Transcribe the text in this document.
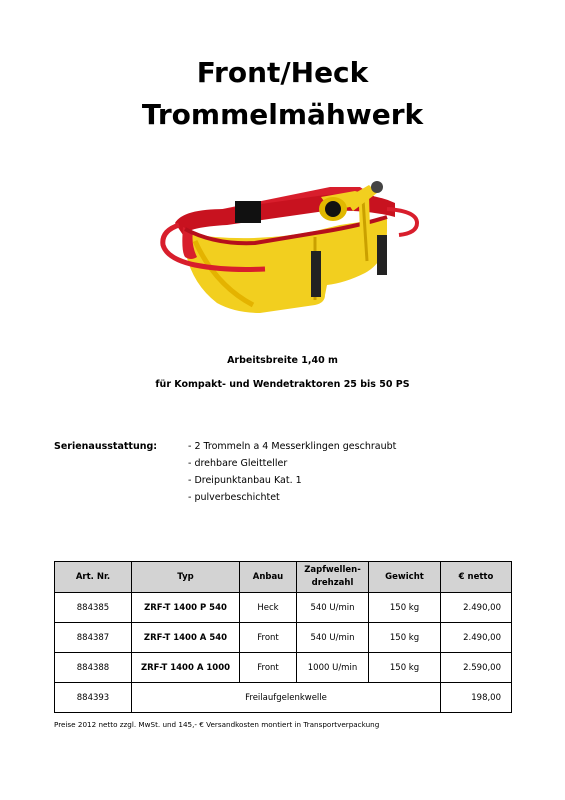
Front/Heck
Trommelmähwerk
Arbeitsbreite 1,40 m
für Kompakt- und Wendetraktoren 25 bis 50 PS
Serienausstattung:	- 2 Trommeln a 4 Messerklingen geschraubt
- drehbare Gleitteller
- Dreipunktanbau Kat. 1
- pulverbeschichtet
Art. Nr.	Typ	Anbau	Zapfwellen-
drehzahl	Gewicht	€ netto
884385	ZRF-T 1400 P 540	Heck	540 U/min	150 kg	2.490,00
884387	ZRF-T 1400 A 540	Front	540 U/min	150 kg	2.490,00
884388	ZRF-T 1400 A 1000	Front	1000 U/min	150 kg	2.590,00
884393	Freilaufgelenkwelle				198,00
Preise 2012 netto zzgl. MwSt. und 145,- € Versandkosten montiert in Transportverpackung
